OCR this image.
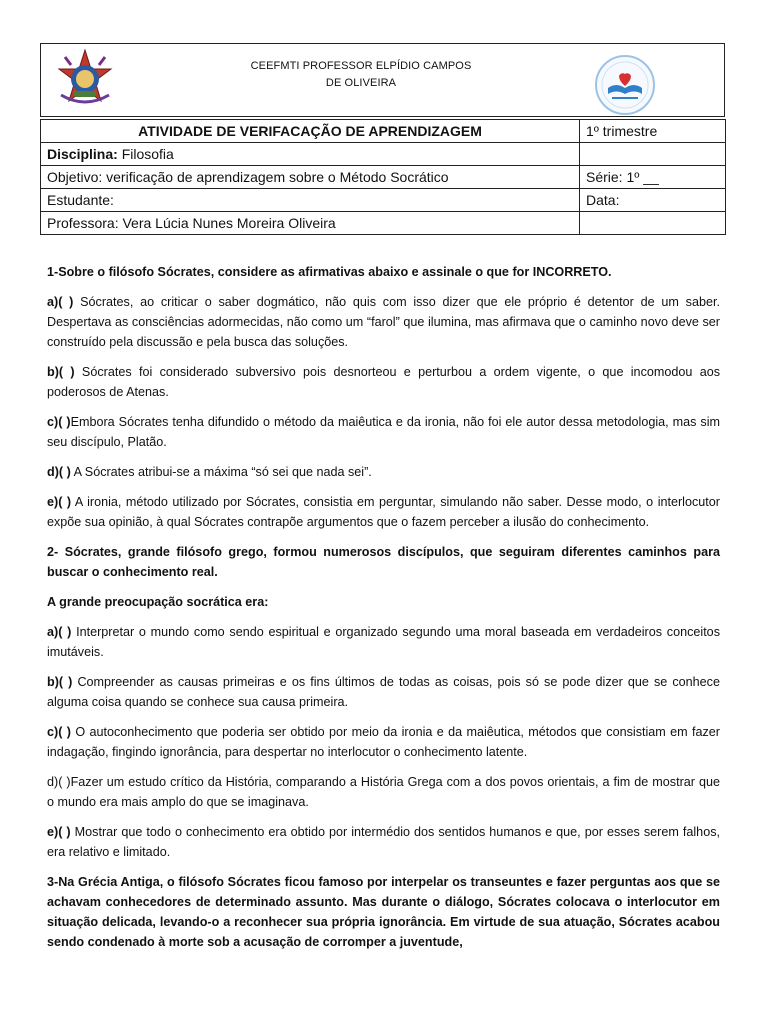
CEEFMTI PROFESSOR ELPÍDIO CAMPOS
DE OLIVEIRA
ATIVIDADE DE VERIFACAÇÃO DE APRENDIZAGEM	1º trimestre
Disciplina: Filosofia	
Objetivo: verificação de aprendizagem sobre o Método Socrático	Série: 1º __
Estudante:	Data:
Professora: Vera Lúcia Nunes Moreira Oliveira	

1-Sobre o filósofo Sócrates, considere as afirmativas abaixo e assinale o que for INCORRETO.

a)( ) Sócrates, ao criticar o saber dogmático, não quis com isso dizer que ele próprio é detentor de um saber. Despertava as consciências adormecidas, não como um “farol” que ilumina, mas afirmava que o caminho novo deve ser construído pela discussão e pela busca das soluções.

b)( ) Sócrates foi considerado subversivo pois desnorteou e perturbou a ordem vigente, o que incomodou aos poderosos de Atenas.

c)( )Embora Sócrates tenha difundido o método da maiêutica e da ironia, não foi ele autor dessa metodologia, mas sim seu discípulo, Platão.

d)( ) A Sócrates atribui-se a máxima “só sei que nada sei”.

e)( ) A ironia, método utilizado por Sócrates, consistia em perguntar, simulando não saber. Desse modo, o interlocutor expõe sua opinião, à qual Sócrates contrapõe argumentos que o fazem perceber a ilusão do conhecimento.

2- Sócrates, grande filósofo grego, formou numerosos discípulos, que seguiram diferentes caminhos para buscar o conhecimento real.

A grande preocupação socrática era:

a)( ) Interpretar o mundo como sendo espiritual e organizado segundo uma moral baseada em verdadeiros conceitos imutáveis.

b)( ) Compreender as causas primeiras e os fins últimos de todas as coisas, pois só se pode dizer que se conhece alguma coisa quando se conhece sua causa primeira.

c)( ) O autoconhecimento que poderia ser obtido por meio da ironia e da maiêutica, métodos que consistiam em fazer indagação, fingindo ignorância, para despertar no interlocutor o conhecimento latente.

d)( )Fazer um estudo crítico da História, comparando a História Grega com a dos povos orientais, a fim de mostrar que o mundo era mais amplo do que se imaginava.

e)( ) Mostrar que todo o conhecimento era obtido por intermédio dos sentidos humanos e que, por esses serem falhos, era relativo e limitado.

3-Na Grécia Antiga, o filósofo Sócrates ficou famoso por interpelar os transeuntes e fazer perguntas aos que se achavam conhecedores de determinado assunto. Mas durante o diálogo, Sócrates colocava o interlocutor em situação delicada, levando-o a reconhecer sua própria ignorância. Em virtude de sua atuação, Sócrates acabou sendo condenado à morte sob a acusação de corromper a juventude,
